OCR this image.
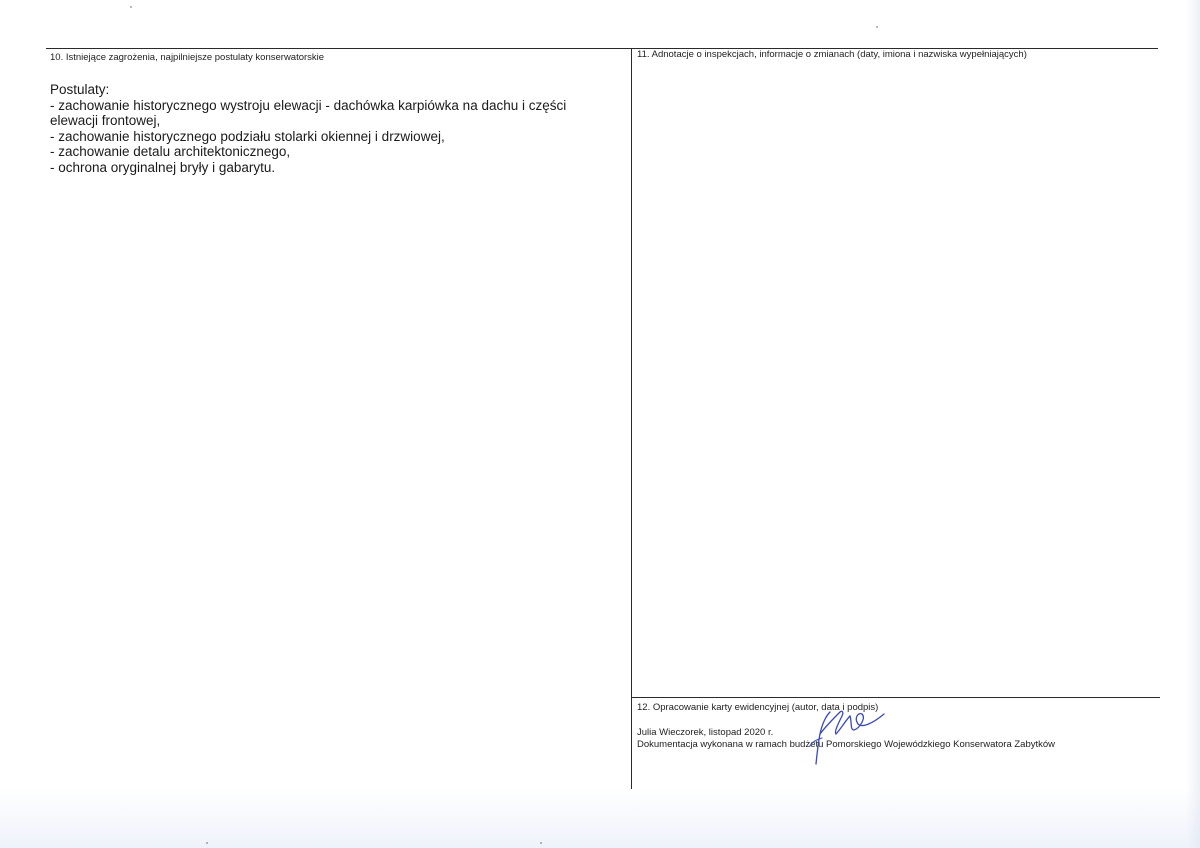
10. Istniejące zagrożenia, najpilniejsze postulaty konserwatorskie
Postulaty:
- zachowanie historycznego wystroju elewacji - dachówka karpiówka na dachu i części
elewacji frontowej,
- zachowanie historycznego podziału stolarki okiennej i drzwiowej,
- zachowanie detalu architektonicznego,
- ochrona oryginalnej bryły i gabarytu.
11. Adnotacje o inspekcjach, informacje o zmianach (daty, imiona i nazwiska wypełniających)
12. Opracowanie karty ewidencyjnej (autor, data i podpis)
Julia Wieczorek, listopad 2020 r.
Dokumentacja wykonana w ramach budżetu Pomorskiego Wojewódzkiego Konserwatora Zabytków
